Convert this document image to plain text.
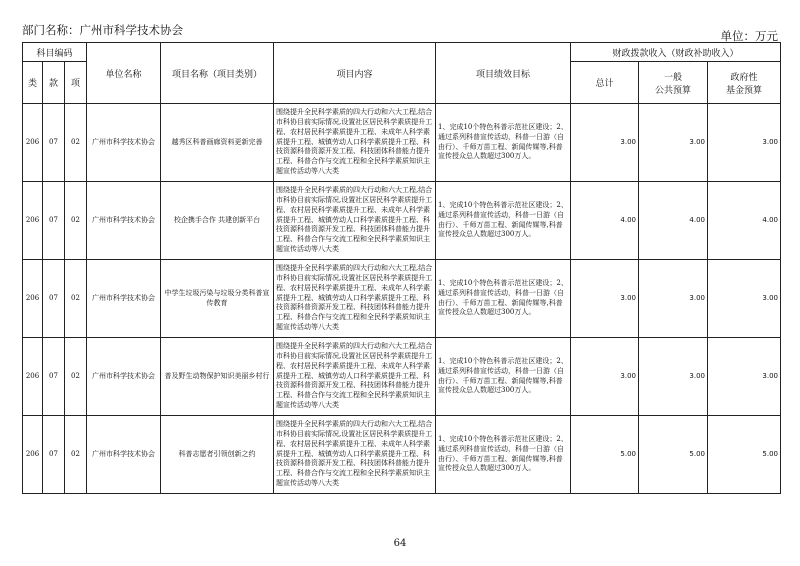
部门名称：广州市科学技术协会	单位：万元
科目编码			单位名称	项目名称（项目类别）	项目内容	项目绩效目标	财政拨款收入（财政补助收入）		
类	款	项					总计	一般
公共预算	政府性
基金预算
206	07	02	广州市科学技术协会	越秀区科普画廊资料更新完善	围绕提升全民科学素质的四大行动和六大工程,结合市科协目前实际情况,设置社区居民科学素质提升工程、农村居民科学素质提升工程、未成年人科学素质提升工程、城镇劳动人口科学素质提升工程、科技资源科普资源开发工程、科技团体科普能力提升工程、科普合作与交流工程和全民科学素质知识主题宣传活动等八大类	1、完成10个特色科普示范社区建设；2、通过系列科普宣传活动，科普一日游（自由行）、千师万苗工程、新闻传媒等,科普宣传授众总人数超过300万人。	3.00	3.00	3.00
206	07	02	广州市科学技术协会	校企携手合作 共建创新平台	围绕提升全民科学素质的四大行动和六大工程,结合市科协目前实际情况,设置社区居民科学素质提升工程、农村居民科学素质提升工程、未成年人科学素质提升工程、城镇劳动人口科学素质提升工程、科技资源科普资源开发工程、科技团体科普能力提升工程、科普合作与交流工程和全民科学素质知识主题宣传活动等八大类	1、完成10个特色科普示范社区建设；2、通过系列科普宣传活动，科普一日游（自由行）、千师万苗工程、新闻传媒等,科普宣传授众总人数超过300万人。	4.00	4.00	4.00
206	07	02	广州市科学技术协会	中学生垃圾污染与垃圾分类科普宣传教育	围绕提升全民科学素质的四大行动和六大工程,结合市科协目前实际情况,设置社区居民科学素质提升工程、农村居民科学素质提升工程、未成年人科学素质提升工程、城镇劳动人口科学素质提升工程、科技资源科普资源开发工程、科技团体科普能力提升工程、科普合作与交流工程和全民科学素质知识主题宣传活动等八大类	1、完成10个特色科普示范社区建设；2、通过系列科普宣传活动，科普一日游（自由行）、千师万苗工程、新闻传媒等,科普宣传授众总人数超过300万人。	3.00	3.00	3.00
206	07	02	广州市科学技术协会	普及野生动物保护知识美丽乡村行	围绕提升全民科学素质的四大行动和六大工程,结合市科协目前实际情况,设置社区居民科学素质提升工程、农村居民科学素质提升工程、未成年人科学素质提升工程、城镇劳动人口科学素质提升工程、科技资源科普资源开发工程、科技团体科普能力提升工程、科普合作与交流工程和全民科学素质知识主题宣传活动等八大类	1、完成10个特色科普示范社区建设；2、通过系列科普宣传活动，科普一日游（自由行）、千师万苗工程、新闻传媒等,科普宣传授众总人数超过300万人。	3.00	3.00	3.00
206	07	02	广州市科学技术协会	科普志愿者引领创新之约	围绕提升全民科学素质的四大行动和六大工程,结合市科协目前实际情况,设置社区居民科学素质提升工程、农村居民科学素质提升工程、未成年人科学素质提升工程、城镇劳动人口科学素质提升工程、科技资源科普资源开发工程、科技团体科普能力提升工程、科普合作与交流工程和全民科学素质知识主题宣传活动等八大类	1、完成10个特色科普示范社区建设；2、通过系列科普宣传活动，科普一日游（自由行）、千师万苗工程、新闻传媒等,科普宣传授众总人数超过300万人。	5.00	5.00	5.00
64
